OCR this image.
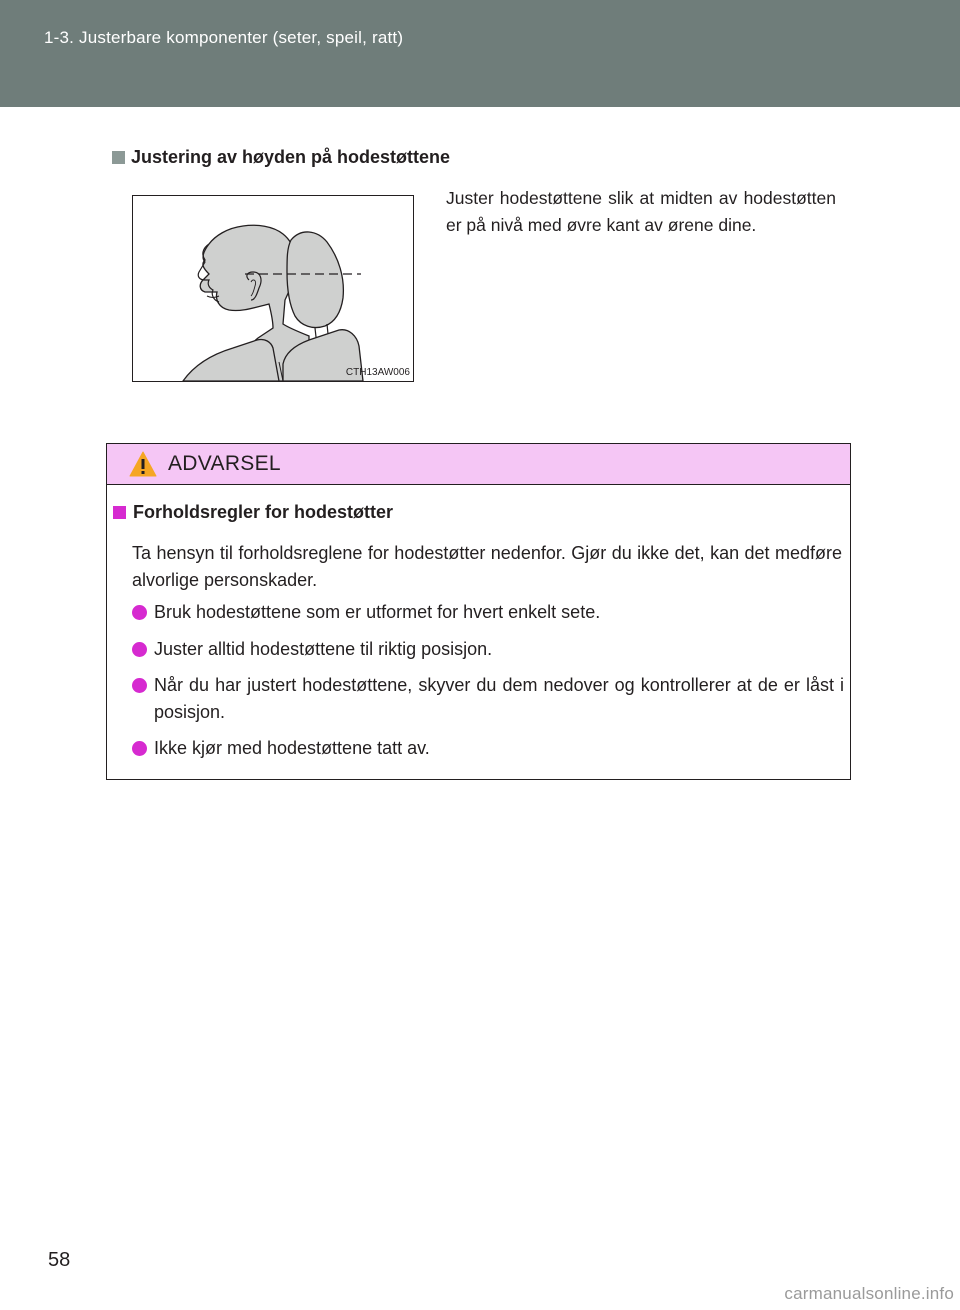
1-3. Justerbare komponenter (seter, speil, ratt)
Justering av høyden på hodestøttene
CTH13AW006
Juster hodestøttene slik at midten av hodestøtten er på nivå med øvre kant av ørene dine.
ADVARSEL
Forholdsregler for hodestøtter
Ta hensyn til forholdsreglene for hodestøtter nedenfor. Gjør du ikke det, kan det medføre alvorlige personskader.
Bruk hodestøttene som er utformet for hvert enkelt sete.
Juster alltid hodestøttene til riktig posisjon.
Når du har justert hodestøttene, skyver du dem nedover og kontrollerer at de er låst i posisjon.
Ikke kjør med hodestøttene tatt av.
58
carmanualsonline.info
